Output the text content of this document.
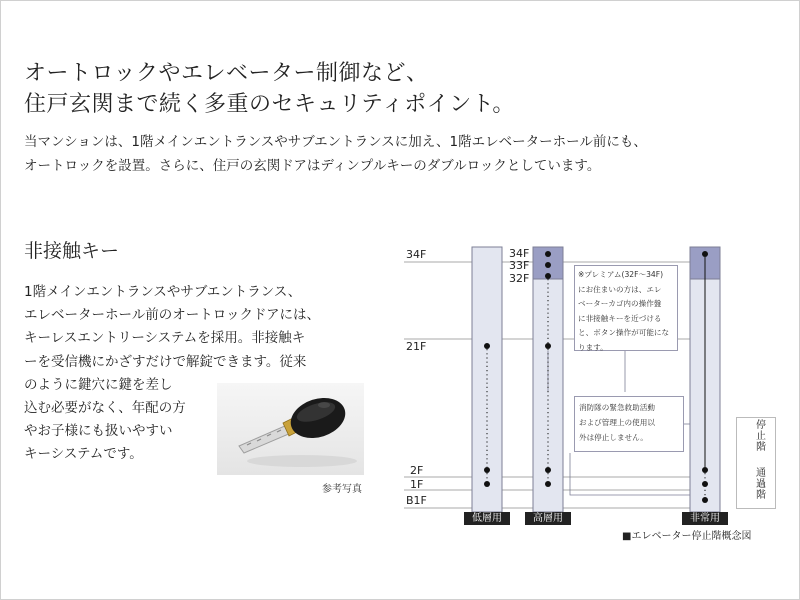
オートロックやエレベーター制御など、
住戸玄関まで続く多重のセキュリティポイント。
当マンションは、1階メインエントランスやサブエントランスに加え、1階エレベーターホール前にも、
オートロックを設置。さらに、住戸の玄関ドアはディンプルキーのダブルロックとしています。
非接触キー
1階メインエントランスやサブエントランス、
エレベーターホール前のオートロックドアには、
キーレスエントリーシステムを採用。非接触キ
ーを受信機にかざすだけで解錠できます。従来
のように鍵穴に鍵を差し
込む必要がなく、年配の方
やお子様にも扱いやすい
キーシステムです。
参考写真
※プレミアム(32F〜34F)
にお住まいの方は、エレ
ベーターカゴ内の操作盤
に非接触キーを近づける
と、ボタン操作が可能にな
ります。
消防隊の緊急救助活動
および管理上の使用以
外は停止しません。
34F
21F
2F
1F
B1F
34F
33F
32F
低層用	高層用	非常用
停止階
通過階
■エレベーター停止階概念図
